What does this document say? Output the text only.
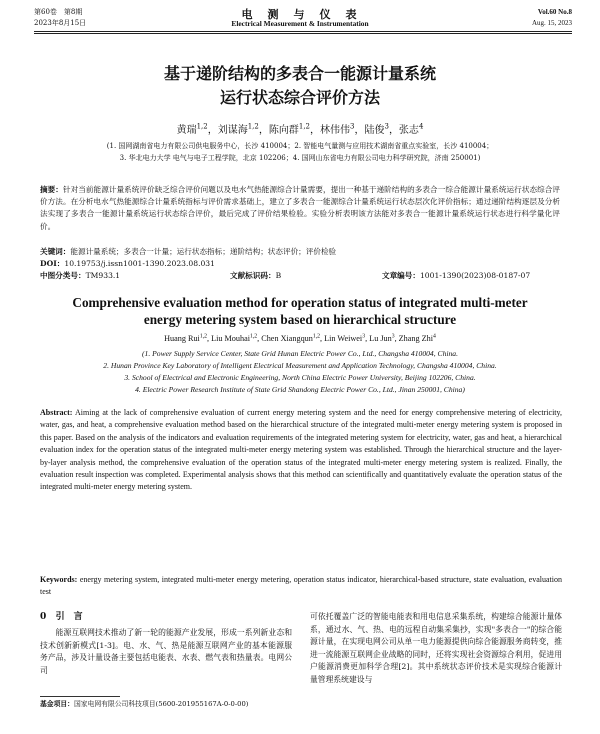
第60卷　第8期
2023年8月15日
电　测　与　仪　表
Electrical Measurement & Instrumentation
Vol.60 No.8
Aug. 15, 2023
基于递阶结构的多表合一能源计量系统
运行状态综合评价方法
黄瑞$^{1,2}$，刘谋海$^{1,2}$，陈向群$^{1,2}$，林伟伟$^3$，陆俊$^3$，张志$^4$
(1. 国网湖南省电力有限公司供电服务中心，长沙 410004；2. 智能电气量测与应用技术湖南省重点实验室，长沙 410004；
3. 华北电力大学 电气与电子工程学院，北京 102206；4. 国网山东省电力有限公司电力科学研究院，济南 250001)
摘要：针对当前能源计量系统评价缺乏综合评价问题以及电水气热能源综合计量需要，提出一种基于递阶结构的多表合一综合能源计量系统运行状态综合评价方法。在分析电水气热能源综合计量系统指标与评价需求基础上，建立了多表合一能源综合计量系统运行状态层次化评价指标；通过递阶结构逐层及分析法实现了多表合一能源计量系统运行状态综合评价，最后完成了评价结果检验。实验分析表明该方法能对多表合一能源计量系统运行状态进行科学量化评价。
关键词：能源计量系统；多表合一计量；运行状态指标；递阶结构；状态评价；评价检验
DOI：10.19753/j.issn1001-1390.2023.08.031
中图分类号：TM933.1	文献标识码：B	文章编号：1001-1390(2023)08-0187-07
Comprehensive evaluation method for operation status of integrated multi-meter
energy metering system based on hierarchical structure
Huang Rui$^{1,2}$, Liu Mouhai$^{1,2}$, Chen Xiangqun$^{1,2}$, Lin Weiwei$^3$, Lu Jun$^3$, Zhang Zhi$^4$
(1. Power Supply Service Center, State Grid Hunan Electric Power Co., Ltd., Changsha 410004, China.
2. Hunan Province Key Laboratory of Intelligent Electrical Measurement and Application Technology, Changsha 410004, China.
3. School of Electrical and Electronic Engineering, North China Electric Power University, Beijing 102206, China.
4. Electric Power Research Institute of State Grid Shandong Electric Power Co., Ltd., Jinan 250001, China)
Abstract: Aiming at the lack of comprehensive evaluation of current energy metering system and the need for energy comprehensive metering of electricity, water, gas, and heat, a comprehensive evaluation method based on the hierarchical structure of the integrated multi-meter energy metering system is proposed in this paper. Based on the analysis of the indicators and evaluation requirements of the integrated metering system for electricity, water, gas and heat, a hierarchical evaluation index for the operation status of the integrated multi-meter energy metering system was established. Through the hierarchical structure and the layer-by-layer analysis method, the comprehensive evaluation of the operation status of the integrated multi-meter energy metering system is realized. Finally, the evaluation result inspection was completed. Experimental analysis shows that this method can scientifically and quantitatively evaluate the operation status of the integrated multi-meter energy metering system.
Keywords: energy metering system, integrated multi-meter energy metering, operation status indicator, hierarchical-based structure, state evaluation, evaluation test
0 引　言
能源互联网技术推动了新一轮的能源产业发展，形成一系列新业态和技术创新新模式[1-3]。电、水、气、热是能源互联网产业的基本能源服务产品，涉及计量设备主要包括电能表、水表、燃气表和热量表。电网公司
可依托覆盖广泛的智能电能表和用电信息采集系统，构建综合能源计量体系，通过水、气、热、电的远程自动集采集抄，实现"多表合一"的综合能源计量，在实现电网公司从单一电力能源提供向综合能源服务商转变，推进一流能源互联网企业战略的同时，还将实现社会资源综合利用，促进用户能源消费更加科学合理[2]。其中系统状态评价技术是实现综合能源计量管理系统建设与
基金项目：国家电网有限公司科技项目(5600-201955167A-0-0-00)
